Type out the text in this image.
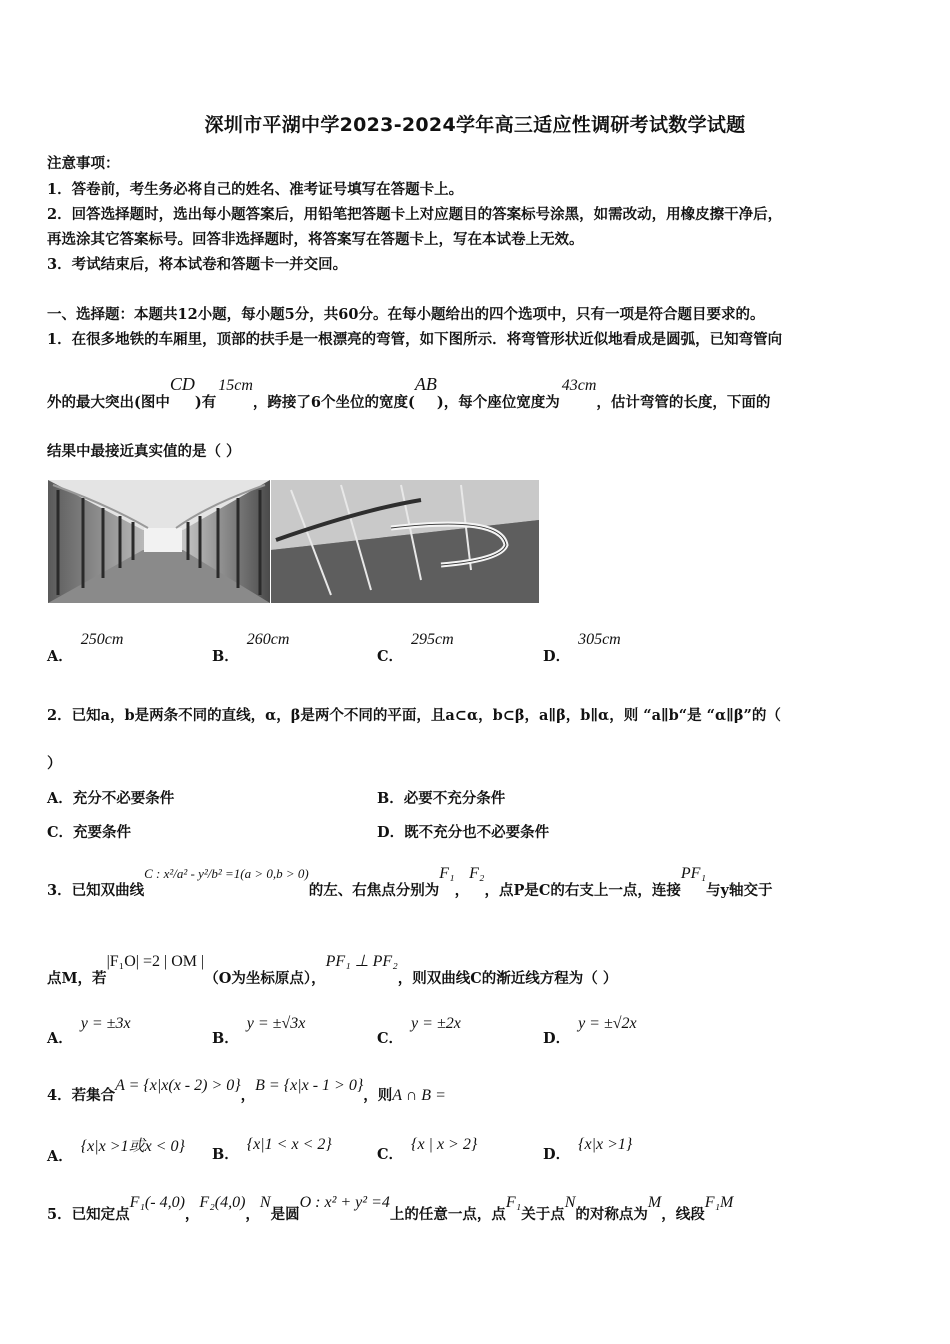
深圳市平湖中学2023-2024学年高三适应性调研考试数学试题
注意事项：
1．答卷前，考生务必将自己的姓名、准考证号填写在答题卡上。
2．回答选择题时，选出每小题答案后，用铅笔把答题卡上对应题目的答案标号涂黑，如需改动，用橡皮擦干净后，
再选涂其它答案标号。回答非选择题时，将答案写在答题卡上，写在本试卷上无效。
3．考试结束后，将本试卷和答题卡一并交回。
一、选择题：本题共12小题，每小题5分，共60分。在每小题给出的四个选项中，只有一项是符合题目要求的。
1．在很多地铁的车厢里，顶部的扶手是一根漂亮的弯管，如下图所示．将弯管形状近似地看成是圆弧，已知弯管向
外的最大突出(图中CD)有15cm，跨接了6个坐位的宽度(AB)，每个座位宽度为43cm，估计弯管的长度，下面的
结果中最接近真实值的是（ ）
A．250cm
B．260cm
C．295cm
D．305cm
2．已知a，b是两条不同的直线，α，β是两个不同的平面，且a⊂α，b⊂β，a∥β，b∥α，则 “a∥b“是 “α∥β”的（
）
A．充分不必要条件	B．必要不充分条件
C．充要条件	D．既不充分也不必要条件
3．已知双曲线C : x²/a² - y²/b² =1(a > 0,b > 0)的左、右焦点分别为F₁，F₂，点P是C的右支上一点，连接PF₁与y轴交于
点M，若|F₁O| =2 | OM |（O为坐标原点），PF₁ ⊥ PF₂，则双曲线C的渐近线方程为（ ）
A．y = ±3x
B．y = ±√3x
C．y = ±2x
D．y = ±√2x
4．若集合A = {x|x(x - 2) > 0}，B = {x|x - 1 > 0}，则A ∩ B =
A．{x|x >1或x < 0} B．{x|1 < x < 2}
C．{x | x > 2}
D．{x|x >1}
5．已知定点F₁(- 4,0)，F₂(4,0)，N是圆O : x² + y² =4上的任意一点，点F₁关于点N的对称点为M，线段F₁M
